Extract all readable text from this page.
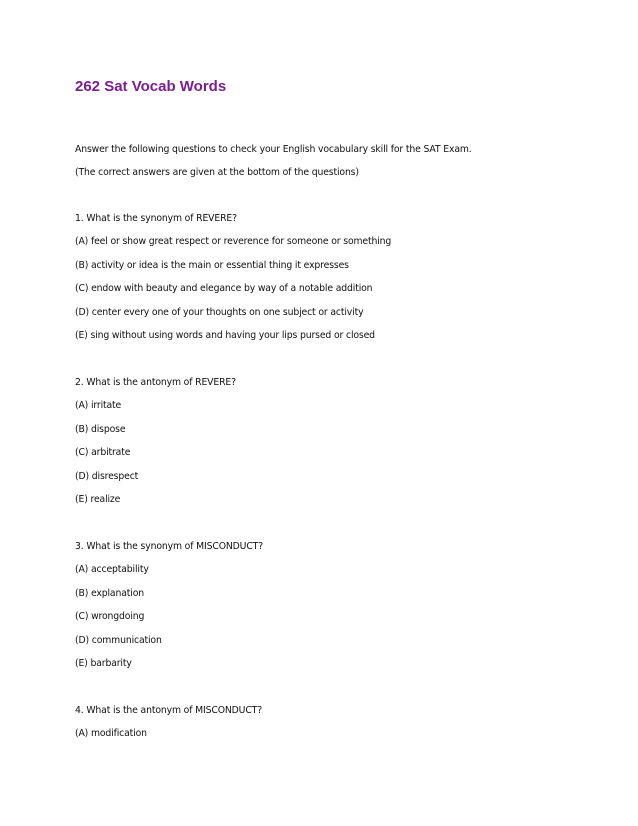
262 Sat Vocab Words

Answer the following questions to check your English vocabulary skill for the SAT Exam.

(The correct answers are given at the bottom of the questions)

1. What is the synonym of REVERE?

(A) feel or show great respect or reverence for someone or something

(B) activity or idea is the main or essential thing it expresses

(C) endow with beauty and elegance by way of a notable addition

(D) center every one of your thoughts on one subject or activity

(E) sing without using words and having your lips pursed or closed

2. What is the antonym of REVERE?

(A) irritate

(B) dispose

(C) arbitrate

(D) disrespect

(E) realize

3. What is the synonym of MISCONDUCT?

(A) acceptability

(B) explanation

(C) wrongdoing

(D) communication

(E) barbarity

4. What is the antonym of MISCONDUCT?

(A) modification
